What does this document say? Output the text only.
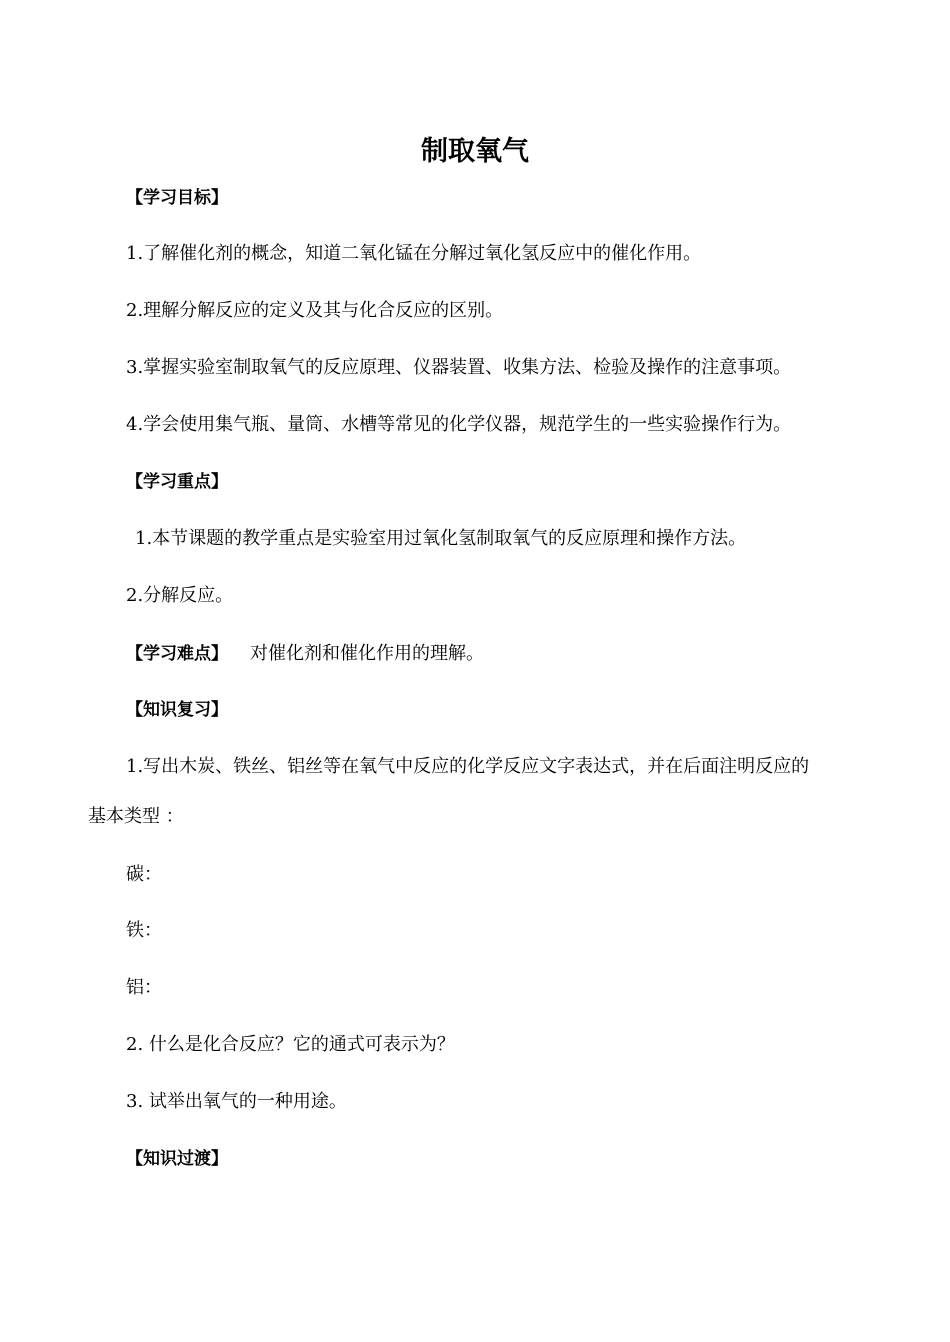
制取氧气
【学习目标】
1.了解催化剂的概念，知道二氧化锰在分解过氧化氢反应中的催化作用。
2.理解分解反应的定义及其与化合反应的区别。
3.掌握实验室制取氧气的反应原理、仪器装置、收集方法、检验及操作的注意事项。
4.学会使用集气瓶、量筒、水槽等常见的化学仪器，规范学生的一些实验操作行为。
【学习重点】
1.本节课题的教学重点是实验室用过氧化氢制取氧气的反应原理和操作方法。
2.分解反应。
【学习难点】 对催化剂和催化作用的理解。
【知识复习】
1.写出木炭、铁丝、铝丝等在氧气中反应的化学反应文字表达式，并在后面注明反应的
基本类型 ：
碳：
铁：
铝：
2. 什么是化合反应？它的通式可表示为？
3. 试举出氧气的一种用途。
【知识过渡】
